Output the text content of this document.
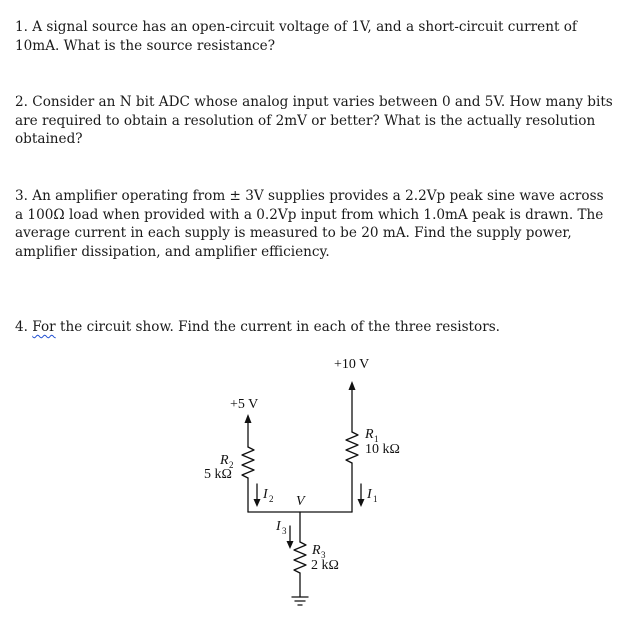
1. A signal source has an open-circuit voltage of 1V, and a short-circuit current of 10mA. What is the source resistance?

2. Consider an N bit ADC whose analog input varies between 0 and 5V. How many bits are required to obtain a resolution of 2mV or better? What is the actually resolution obtained?

3. An amplifier operating from ± 3V supplies provides a 2.2Vp peak sine wave across a 100Ω load when provided with a 0.2Vp input from which 1.0mA peak is drawn. The average current in each supply is measured to be 20 mA. Find the supply power, amplifier dissipation, and amplifier efficiency.

4. For the circuit show. Find the current in each of the three resistors.

+10 V
+5 V
R 1
10 kΩ
R 2
5 kΩ
R 3
2 kΩ
I 1
I 2
I 3
V
